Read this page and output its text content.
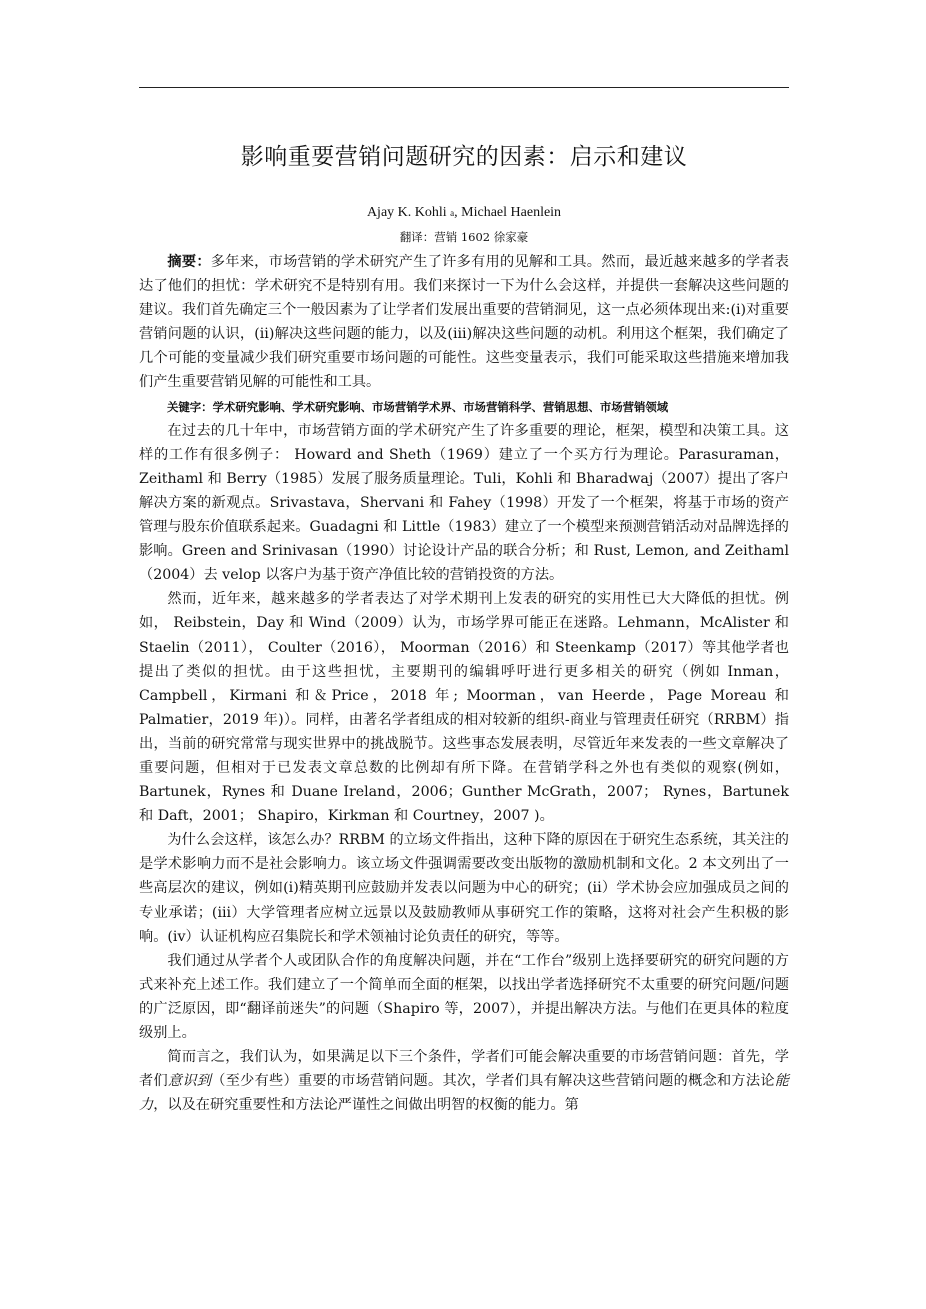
影响重要营销问题研究的因素：启示和建议
Ajay K. Kohli a, Michael Haenlein
翻译：营销 1602 徐家豪

摘要：多年来，市场营销的学术研究产生了许多有用的见解和工具。然而，最近越来越多的学者表达了他们的担忧：学术研究不是特别有用。我们来探讨一下为什么会这样，并提供一套解决这些问题的建议。我们首先确定三个一般因素为了让学者们发展出重要的营销洞见，这一点必须体现出来:(i)对重要营销问题的认识，(ii)解决这些问题的能力，以及(iii)解决这些问题的动机。利用这个框架，我们确定了几个可能的变量减少我们研究重要市场问题的可能性。这些变量表示，我们可能采取这些措施来增加我们产生重要营销见解的可能性和工具。

关键字：学术研究影响、学术研究影响、市场营销学术界、市场营销科学、营销思想、市场营销领域

在过去的几十年中，市场营销方面的学术研究产生了许多重要的理论，框架，模型和决策工具。这样的工作有很多例子： Howard and Sheth（1969）建立了一个买方行为理论。Parasuraman，Zeithaml 和 Berry（1985）发展了服务质量理论。Tuli，Kohli 和 Bharadwaj（2007）提出了客户解决方案的新观点。Srivastava，Shervani 和 Fahey（1998）开发了一个框架，将基于市场的资产管理与股东价值联系起来。Guadagni 和 Little（1983）建立了一个模型来预测营销活动对品牌选择的影响。Green and Srinivasan（1990）讨论设计产品的联合分析；和 Rust, Lemon, and Zeithaml（2004）去 velop 以客户为基于资产净值比较的营销投资的方法。

然而，近年来，越来越多的学者表达了对学术期刊上发表的研究的实用性已大大降低的担忧。例如， Reibstein，Day 和 Wind（2009）认为，市场学界可能正在迷路。Lehmann，McAlister 和 Staelin（2011）， Coulter（2016）， Moorman（2016）和 Steenkamp（2017）等其他学者也提出了类似的担忧。由于这些担忧，主要期刊的编辑呼吁进行更多相关的研究（例如 Inman，Campbell，Kirmani 和＆Price，2018 年; Moorman，van Heerde，Page Moreau 和 Palmatier，2019 年)）。同样，由著名学者组成的相对较新的组织-商业与管理责任研究（RRBM）指出，当前的研究常常与现实世界中的挑战脱节。这些事态发展表明，尽管近年来发表的一些文章解决了重要问题，但相对于已发表文章总数的比例却有所下降。在营销学科之外也有类似的观察(例如，Bartunek，Rynes 和 Duane Ireland，2006；Gunther McGrath，2007； Rynes，Bartunek 和 Daft，2001； Shapiro，Kirkman 和 Courtney，2007 )。

为什么会这样，该怎么办？RRBM 的立场文件指出，这种下降的原因在于研究生态系统，其关注的是学术影响力而不是社会影响力。该立场文件强调需要改变出版物的激励机制和文化。2 本文列出了一些高层次的建议，例如(i)精英期刊应鼓励并发表以问题为中心的研究；(ii）学术协会应加强成员之间的专业承诺；(iii）大学管理者应树立远景以及鼓励教师从事研究工作的策略，这将对社会产生积极的影响。(iv）认证机构应召集院长和学术领袖讨论负责任的研究，等等。

我们通过从学者个人或团队合作的角度解决问题，并在“工作台”级别上选择要研究的研究问题的方式来补充上述工作。我们建立了一个简单而全面的框架，以找出学者选择研究不太重要的研究问题/问题的广泛原因，即“翻译前迷失”的问题（Shapiro 等，2007），并提出解决方法。与他们在更具体的粒度级别上。

简而言之，我们认为，如果满足以下三个条件，学者们可能会解决重要的市场营销问题：首先，学者们意识到（至少有些）重要的市场营销问题。其次，学者们具有解决这些营销问题的概念和方法论能力，以及在研究重要性和方法论严谨性之间做出明智的权衡的能力。第
